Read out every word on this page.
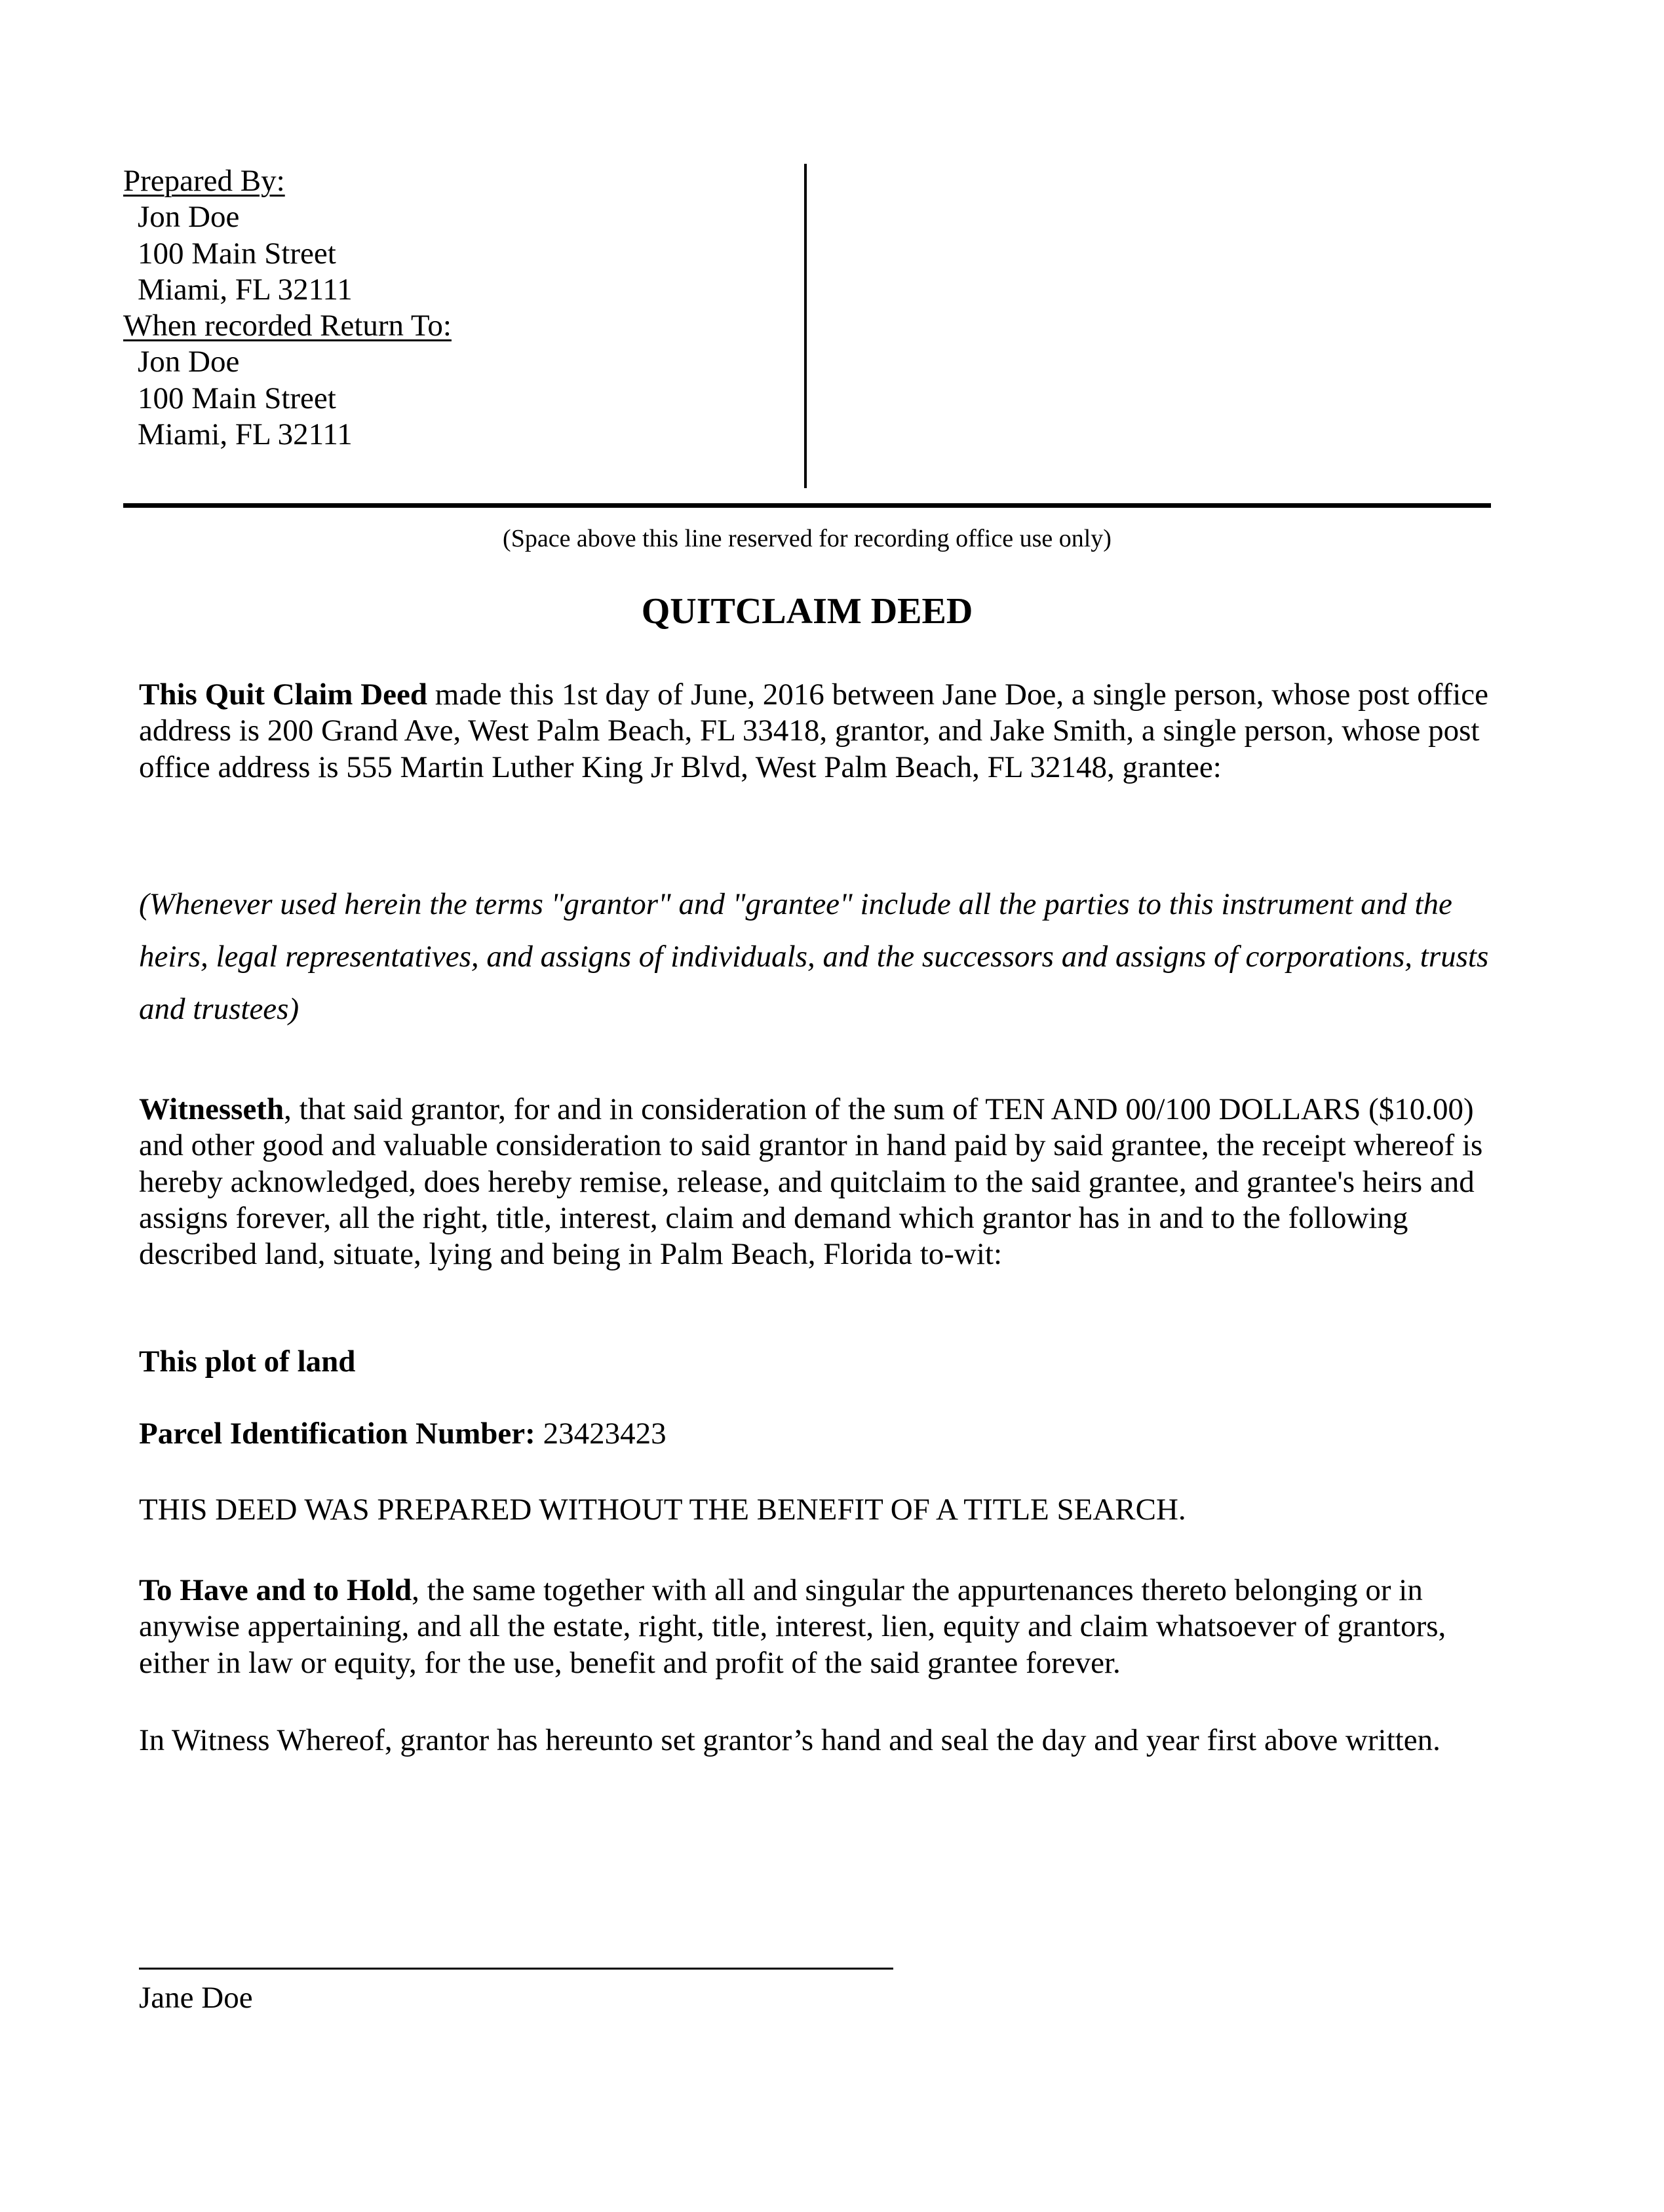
Prepared By:
Jon Doe
100 Main Street
Miami, FL 32111
When recorded Return To:
Jon Doe
100 Main Street
Miami, FL 32111
(Space above this line reserved for recording office use only)
QUITCLAIM DEED
This Quit Claim Deed made this 1st day of June, 2016 between Jane Doe, a single person, whose post office address is 200 Grand Ave, West Palm Beach, FL 33418, grantor, and Jake Smith, a single person, whose post office address is 555 Martin Luther King Jr Blvd, West Palm Beach, FL 32148, grantee:
(Whenever used herein the terms "grantor" and "grantee" include all the parties to this instrument and the heirs, legal representatives, and assigns of individuals, and the successors and assigns of corporations, trusts and trustees)
Witnesseth, that said grantor, for and in consideration of the sum of TEN AND 00/100 DOLLARS ($10.00) and other good and valuable consideration to said grantor in hand paid by said grantee, the receipt whereof is hereby acknowledged, does hereby remise, release, and quitclaim to the said grantee, and grantee's heirs and assigns forever, all the right, title, interest, claim and demand which grantor has in and to the following described land, situate, lying and being in Palm Beach, Florida to-wit:
This plot of land
Parcel Identification Number: 23423423
THIS DEED WAS PREPARED WITHOUT THE BENEFIT OF A TITLE SEARCH.
To Have and to Hold, the same together with all and singular the appurtenances thereto belonging or in anywise appertaining, and all the estate, right, title, interest, lien, equity and claim whatsoever of grantors, either in law or equity, for the use, benefit and profit of the said grantee forever.
In Witness Whereof, grantor has hereunto set grantor’s hand and seal the day and year first above written.
Jane Doe
